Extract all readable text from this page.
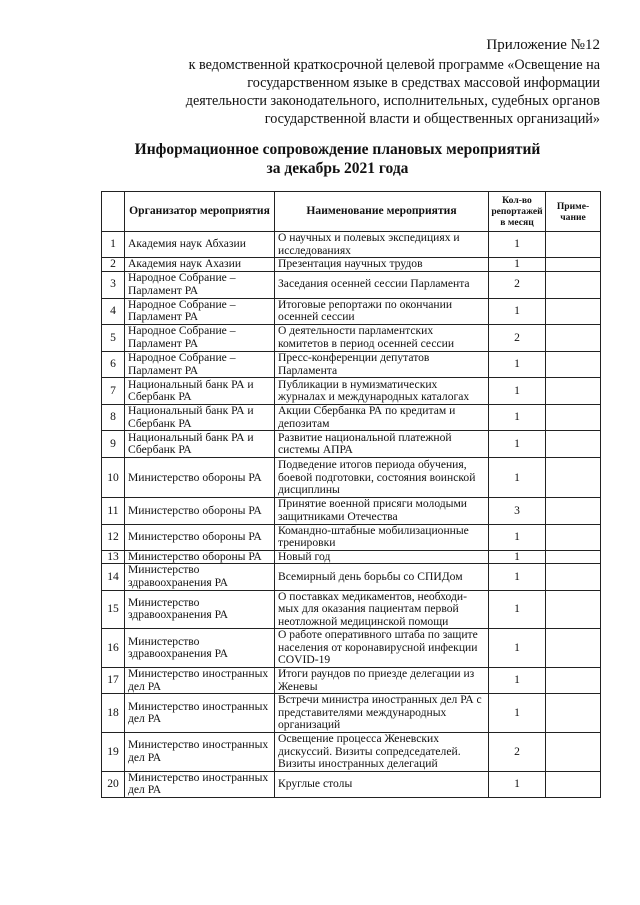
Приложение №12
к ведомственной краткосрочной целевой программе «Освещение на
государственном языке в средствах массовой информации
деятельности законодательного, исполнительных, судебных органов
государственной власти и общественных организаций»
Информационное сопровождение плановых мероприятий
за декабрь 2021 года
	Организатор мероприятия	Наименование мероприятия	Кол-во репортажей в месяц	Приме-чание
1	Академия наук Абхазии	О научных и полевых экспедициях и исследованиях	1	
2	Академия наук Ахазии	Презентация научных трудов	1	
3	Народное Собрание – Парламент РА	Заседания осенней сессии Парламента	2	
4	Народное Собрание – Парламент РА	Итоговые репортажи по окончании осенней сессии	1	
5	Народное Собрание – Парламент РА	О деятельности парламентских комитетов в период осенней сессии	2	
6	Народное Собрание – Парламент РА	Пресс-конференции депутатов Парламента	1	
7	Национальный банк РА и Сбербанк РА	Публикации в нумизматических журналах и международных каталогах	1	
8	Национальный банк РА и Сбербанк РА	Акции Сбербанка РА по кредитам и депозитам	1	
9	Национальный банк РА и Сбербанк РА	Развитие национальной платежной системы АПРА	1	
10	Министерство обороны РА	Подведение итогов периода обучения, боевой подготовки, состояния воинской дисциплины	1	
11	Министерство обороны РА	Принятие военной присяги молодыми защитниками Отечества	3	
12	Министерство обороны РА	Командно-штабные мобилизационные тренировки	1	
13	Министерство обороны РА	Новый год	1	
14	Министерство здравоохранения РА	Всемирный день борьбы со СПИДом	1	
15	Министерство здравоохранения РА	О поставках медикаментов, необходи-мых для оказания пациентам первой неотложной медицинской помощи	1	
16	Министерство здравоохранения РА	О работе оперативного штаба по защите населения от коронавирусной инфекции COVID-19	1	
17	Министерство иностранных дел РА	Итоги раундов по приезде делегации из Женевы	1	
18	Министерство иностранных дел РА	Встречи министра иностранных дел РА с представителями международных организаций	1	
19	Министерство иностранных дел РА	Освещение процесса Женевских дискуссий. Визиты сопредседателей. Визиты иностранных делегаций	2	
20	Министерство иностранных дел РА	Круглые столы	1	
